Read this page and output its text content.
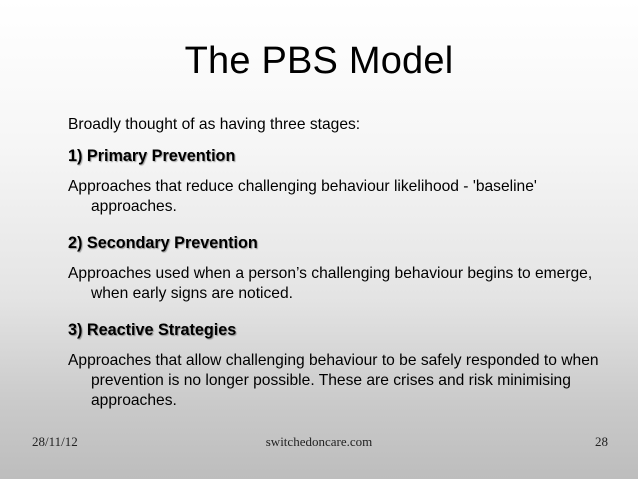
The PBS Model

Broadly thought of as having three stages:

1) Primary Prevention

Approaches that reduce challenging behaviour likelihood - 'baseline' approaches.

2) Secondary Prevention

Approaches used when a person’s challenging behaviour begins to emerge, when early signs are noticed.

3) Reactive Strategies

Approaches that allow challenging behaviour to be safely responded to when prevention is no longer possible. These are crises and risk minimising approaches.

28/11/12	switchedoncare.com	28
